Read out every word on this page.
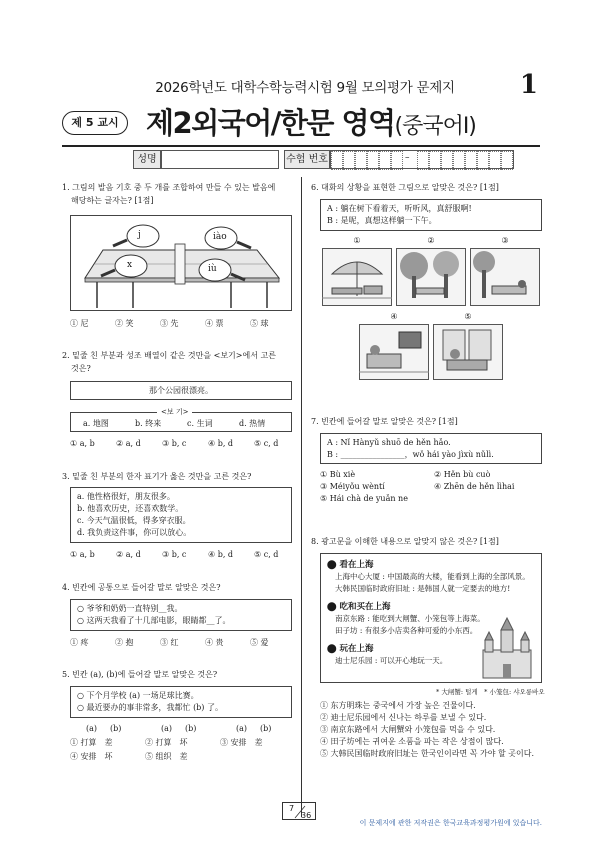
2026학년도 대학수학능력시험 9월 모의평가 문제지	1
제 5 교시 제2외국어/한문 영역(중국어Ⅰ)
성명	수험 번호	–
1. 그림의 발음 기호 중 두 개를 조합하여 만들 수 있는 발음에
해당하는 글자는? [1점]
j	iào
x	iù
① 尼	② 笑	③ 先	④ 票	⑤ 球
2. 밑줄 친 부분과 성조 배열이 같은 것만을 <보기>에서 고른
것은?
那个公园很漂亮。
<보 기>
a. 地图	b. 终来	c. 生词	d. 热情
① a, b	② a, d	③ b, c	④ b, d	⑤ c, d
3. 밑줄 친 부분의 한자 표기가 옳은 것만을 고른 것은?
a. 他性格很好，朋友很多。
b. 他喜欢历史，还喜欢数学。
c. 今天气温很低，得多穿衣服。
d. 我负责这件事，你可以放心。
① a, b	② a, d	③ b, c	④ b, d	⑤ c, d
4. 빈칸에 공통으로 들어갈 말로 알맞은 것은?
○ 爷爷和奶奶一直特别__我。
○ 这两天我看了十几部电影，眼睛都__了。
① 疼	② 抱	③ 红	④ 贵	⑤ 爱
5. 빈칸 (a), (b)에 들어갈 말로 알맞은 것은?
○ 下个月学校 (a) 一场足球比赛。
○ 最近要办的事非常多，我都忙 (b) 了。
(a) (b)	(a) (b)	(a) (b)
① 打算　差	② 打算　坏	③ 安排　差
④ 安排　坏	⑤ 组织　差
6. 대화의 상황을 표현한 그림으로 알맞은 것은? [1점]
A : 躺在树下看着天，听听风，真舒服啊!
B : 是呢，真想这样躺一下午。
①	②	③
④	⑤
7. 빈칸에 들어갈 말로 알맞은 것은? [1점]
A : Nǐ Hànyǔ shuō de hěn hǎo.
B : ________________，wǒ hái yào jìxù nǔlì.
① Bù xiè	② Hěn bù cuò
③ Méiyǒu wèntí	④ Zhēn de hěn lìhai
⑤ Hái chà de yuǎn ne
8. 광고문을 이해한 내용으로 알맞지 않은 것은? [1점]
⬤ 看在上海
上海中心大厦 : 中国最高的大楼，能看到上海的全部风景。
大韩民国临时政府旧址 : 是韩国人就一定要去的地方!
⬤ 吃和买在上海
南京东路 : 能吃到大闸蟹、小笼包等上海菜。
田子坊 : 有很多小店卖各种可爱的小东西。
⬤ 玩在上海
迪士尼乐园 : 可以开心地玩一天。
* 大闸蟹: 털게　* 小笼包: 샤오룽바오
① 东方明珠는 중국에서 가장 높은 건물이다.
② 迪士尼乐园에서 신나는 하루를 보낼 수 있다.
③ 南京东路에서 大闸蟹와 小笼包를 먹을 수 있다.
④ 田子坊에는 귀여운 소품을 파는 작은 상점이 많다.
⑤ 大韩民国临时政府旧址는 한국인이라면 꼭 가야 할 곳이다.
7
36
이 문제지에 관한 저작권은 한국교육과정평가원에 있습니다.
